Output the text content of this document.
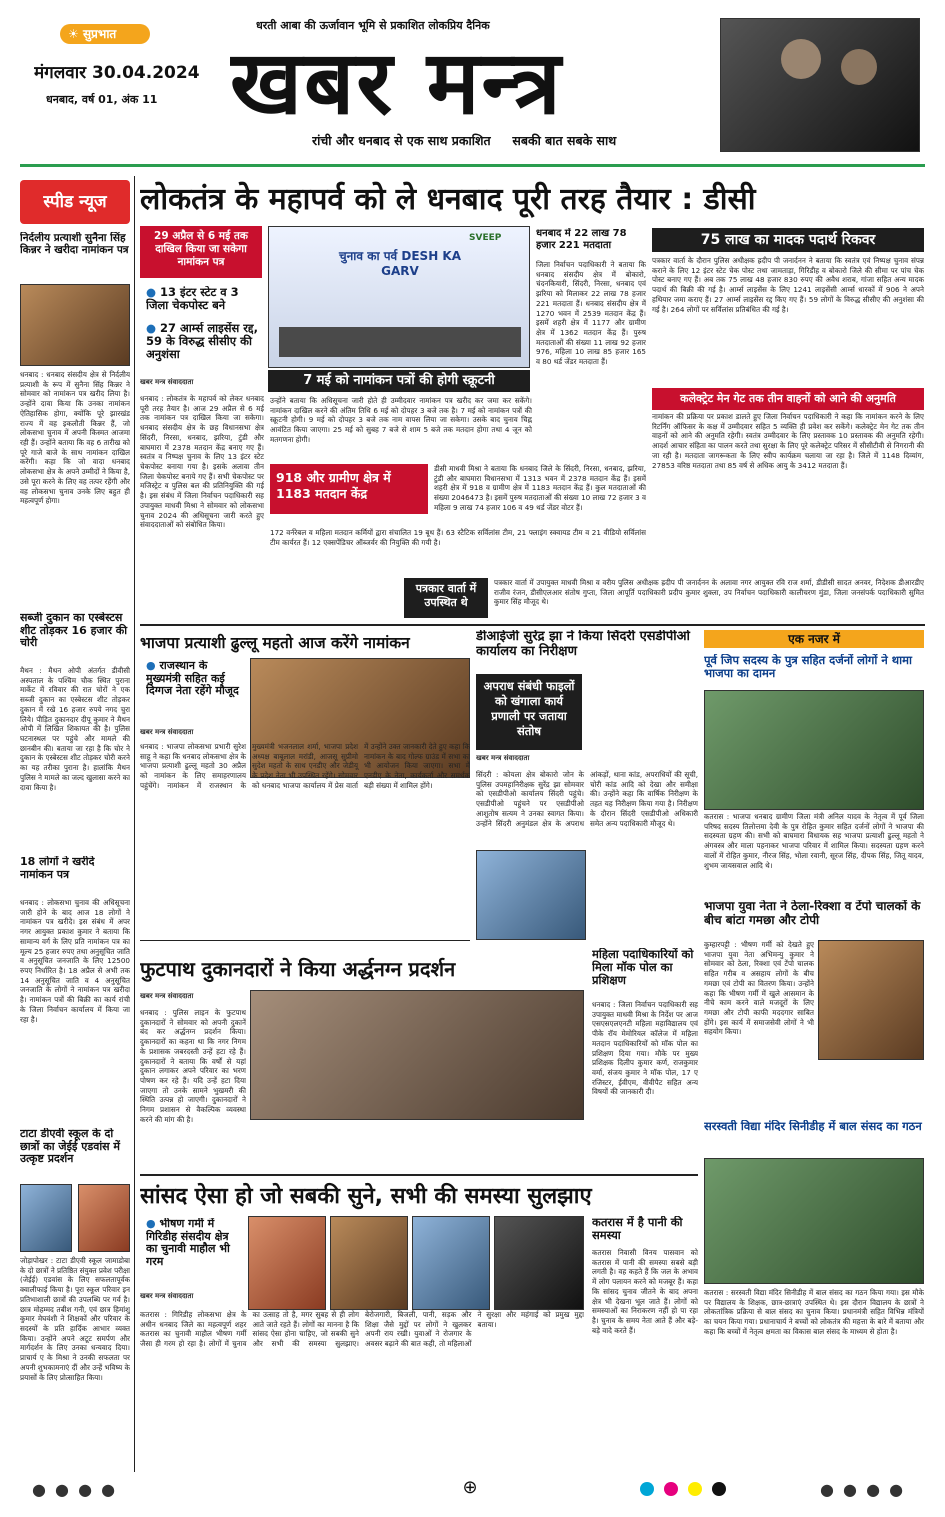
☀ सुप्रभात
मंगलवार 30.04.2024
धनबाद, वर्ष 01, अंक 11
धरती आबा की ऊर्जावान भूमि से प्रकाशित लोकप्रिय दैनिक
खबर मन्त्र
रांची और धनबाद से एक साथ प्रकाशित     सबकी बात सबके साथ
स्पीड न्यूज
निर्दलीय प्रत्याशी सुनैना सिंह किन्नर ने खरीदा नामांकन पत्र
धनबाद : धनबाद संसदीय क्षेत्र से निर्दलीय प्रत्याशी के रूप में सुनैना सिंह किन्नर ने सोमवार को नामांकन पत्र खरीद लिया है। उन्होंने दावा किया कि उनका नामांकन ऐतिहासिक होगा, क्योंकि पूरे झारखंड राज्य में वह इकलौती किन्नर हैं, जो लोकसभा चुनाव में अपनी किस्मत आजमा रही हैं। उन्होंने बताया कि वह 6 तारीख को पूरे गाजे बाजे के साथ नामांकन दाखिल करेंगी। कहा कि जो वादा धनबाद लोकसभा क्षेत्र के अपने उम्मीदों ने किया है, उसे पूरा करने के लिए वह तत्पर रहेंगी और वह लोकसभा चुनाव उनके लिए बहुत ही महत्वपूर्ण होगा।
सब्जी दुकान का एस्बेस्टस शीट तोड़कर 16 हजार की चोरी
मैथन : मैथन ओपी अंतर्गत डीवीसी अस्पताल के पश्चिम चौक स्थित पुराना मार्केट में रविवार की रात चोरों ने एक सब्जी दुकान का एस्बेस्टस शीट तोड़कर दुकान में रखे 16 हजार रुपये नगद चुरा लिये। पीड़ित दुकानदार दीपू कुमार ने मैथन ओपी में लिखित शिकायत की है। पुलिस घटनास्थल पर पहुंचे और मामले की छानबीन की। बताया जा रहा है कि चोर ने दुकान के एस्बेस्टस शीट तोड़कर चोरी करने का यह तरीका पुराना है। हालांकि मैथन पुलिस ने मामले का जल्द खुलासा करने का दावा किया है।
18 लोगों ने खरीदे नामांकन पत्र
धनबाद : लोकसभा चुनाव की अधिसूचना जारी होने के बाद आज 18 लोगों ने नामांकन पत्र खरीदे। इस संबंध में अपर नगर आयुक्त प्रकाश कुमार ने बताया कि सामान्य वर्ग के लिए प्रति नामांकन पत्र का मूल्य 25 हजार रुपए तथा अनुसूचित जाति व अनुसूचित जनजाति के लिए 12500 रुपए निर्धारित है। 18 अप्रैल से अभी तक 14 अनुसूचित जाति व 4 अनुसूचित जनजाति के लोगों ने नामांकन पत्र खरीदा है। नामांकन पत्रों की बिक्री का कार्य रांची के जिला निर्वाचन कार्यालय में किया जा रहा है।
टाटा डीएवी स्कूल के दो छात्रों का जेईई एडवांस में उत्कृष्ट प्रदर्शन
जोड़ापोखर : टाटा डीएवी स्कूल जामाडोबा के दो छात्रों ने प्रतिष्ठित संयुक्त प्रवेश परीक्षा (जेईई) एडवांस के लिए सफलतापूर्वक क्वालीफाई किया है। पूरा स्कूल परिवार इन प्रतिभाशाली छात्रों की उपलब्धि पर गर्व है। छात्र मोहम्मद तबीश गनी, एवं छात्र हिमांशु कुमार मेघवंशी ने शिक्षकों और परिवार के सदस्यों के प्रति हार्दिक आभार व्यक्त किया। उन्होंने अपने अटूट समर्पण और मार्गदर्शन के लिए उनका धन्यवाद दिया। प्राचार्य ए के मिश्रा ने उनकी सफलता पर अपनी शुभकामनाएं दीं और उन्हें भविष्य के प्रयासों के लिए प्रोत्साहित किया।
लोकतंत्र के महापर्व को ले धनबाद पूरी तरह तैयार : डीसी
29 अप्रैल से 6 मई तक दाखिल किया जा सकेगा नामांकन पत्र
● 13 इंटर स्टेट व 3 जिला चेकपोस्ट बने
● 27 आर्म्स लाइसेंस रद्द, 59 के विरुद्ध सीसीए की अनुशंसा
खबर मन्त्र संवाददाता
चुनाव का पर्व DESH KA GARV
SVEEP
7 मई को नामांकन पत्रों की होगी स्क्रूटनी
धनबाद में 22 लाख 78 हजार 221 मतदाता
जिला निर्वाचन पदाधिकारी ने बताया कि धनबाद संसदीय क्षेत्र में बोकारो, चंदनकियारी, सिंदरी, निरसा, धनबाद एवं झरिया को मिलाकर 22 लाख 78 हजार 221 मतदाता हैं। धनबाद संसदीय क्षेत्र में 1270 भवन में 2539 मतदान केंद्र हैं। इसमें शहरी क्षेत्र में 1177 और ग्रामीण क्षेत्र में 1362 मतदान केंद्र हैं। पुरुष मतदाताओं की संख्या 11 लाख 92 हजार 976, महिला 10 लाख 85 हजार 165 व 80 थर्ड जेंडर मतदाता हैं।
धनबाद : लोकतंत्र के महापर्व को लेकर धनबाद पूरी तरह तैयार है। आज 29 अप्रैल से 6 मई तक नामांकन पत्र दाखिल किया जा सकेगा। धनबाद संसदीय क्षेत्र के छह विधानसभा क्षेत्र सिंदरी, निरसा, धनबाद, झरिया, टुंडी और बाघमारा में 2378 मतदान केंद्र बनाए गए हैं। स्वतंत्र व निष्पक्ष चुनाव के लिए 13 इंटर स्टेट चेकपोस्ट बनाया गया है। इसके अलावा तीन जिला चेकपोस्ट बनाये गए हैं। सभी चेकपोस्ट पर मजिस्ट्रेट व पुलिस बल की प्रतिनियुक्ति की गई है। इस संबंध में जिला निर्वाचन पदाधिकारी सह उपायुक्त माधवी मिश्रा ने सोमवार को लोकसभा चुनाव 2024 की अधिसूचना जारी करते हुए संवाददाताओं को संबोधित किया।
उन्होंने बताया कि अधिसूचना जारी होते ही उम्मीदवार नामांकन पत्र खरीद कर जमा कर सकेंगे। नामांकन दाखिल करने की अंतिम तिथि 6 मई को दोपहर 3 बजे तक है। 7 मई को नामांकन पत्रों की स्क्रूटनी होगी। 9 मई को दोपहर 3 बजे तक नाम वापस लिया जा सकेगा। उसके बाद चुनाव चिह्न आवंटित किया जाएगा। 25 मई को सुबह 7 बजे से शाम 5 बजे तक मतदान होगा तथा 4 जून को मतगणना होगी।
918 और ग्रामीण क्षेत्र में 1183 मतदान केंद्र
डीसी माधवी मिश्रा ने बताया कि धनबाद जिले के सिंदरी, निरसा, धनबाद, झरिया, टुंडी और बाघमारा विधानसभा में 1313 भवन में 2378 मतदान केंद्र हैं। इसमें शहरी क्षेत्र में 918 व ग्रामीण क्षेत्र में 1183 मतदान केंद्र हैं। कुल मतदाताओं की संख्या 2046473 है। इसमें पुरुष मतदाताओं की संख्या 10 लाख 72 हजार 3 व महिला 9 लाख 74 हजार 106 व 49 थर्ड जेंडर वोटर हैं।
172 वर्नरेबल व महिला मतदान कर्मियों द्वारा संचालित 19 बूथ हैं। 63 स्टैटिक सर्विलांस टीम, 21 फ्लाइंग स्क्वायड टीम व 21 वीडियो सर्विलांस टीम कार्यरत हैं। 12 एक्सपेंडिचर ऑब्जर्वर की नियुक्ति की गयी है।
पत्रकार वार्ता में उपस्थित थे
पत्रकार वार्ता में उपायुक्त माधवी मिश्रा व वरीय पुलिस अधीक्षक ह्रदीप पी जनार्दनन के अलावा नगर आयुक्त रवि राज शर्मा, डीडीसी सादत अनवर, निदेशक डीआरडीए राजीव रंजन, डीसीएलआर संतोष गुप्ता, जिला आपूर्ति पदाधिकारी प्रदीप कुमार शुक्ला, उप निर्वाचन पदाधिकारी कालीचरण मुंडा, जिला जनसंपर्क पदाधिकारी सुमित कुमार सिंह मौजूद थे।
75 लाख का मादक पदार्थ रिकवर
पत्रकार वार्ता के दौरान पुलिस अधीक्षक ह्रदीप पी जनार्दनन ने बताया कि स्वतंत्र एवं निष्पक्ष चुनाव संपन्न कराने के लिए 12 इंटर स्टेट चेक पोस्ट तथा जामताड़ा, गिरिडीह व बोकारो जिले की सीमा पर पांच चेक पोस्ट बनाए गए हैं। अब तक 75 लाख 48 हजार 830 रुपए की अवैध शराब, गांजा सहित अन्य मादक पदार्थ की बिक्री की गई है। आर्म्स लाइसेंस के लिए 1241 लाइसेंसी आर्म्स धारकों में 906 ने अपने हथियार जमा कराए हैं। 27 आर्म्स लाइसेंस रद्द किए गए हैं। 59 लोगों के विरुद्ध सीसीए की अनुशंसा की गई है। 264 लोगों पर सर्विलांस प्रतिबंधित की गई है।
कलेक्ट्रेट मेन गेट तक तीन वाहनों को आने की अनुमति
नामांकन की प्रक्रिया पर प्रकाश डालते हुए जिला निर्वाचन पदाधिकारी ने कहा कि नामांकन करने के लिए रिटर्निंग ऑफिसर के कक्ष में उम्मीदवार सहित 5 व्यक्ति ही प्रवेश कर सकेंगे। कलेक्ट्रेट मेन गेट तक तीन वाहनों को आने की अनुमति रहेगी। स्वतंत्र उम्मीदवार के लिए प्रस्तावक 10 प्रस्तावक की अनुमति रहेगी। आदर्श आचार संहिता का पालन करते तथा सुरक्षा के लिए पूरे कलेक्ट्रेट परिसर में सीसीटीवी से निगरानी की जा रही है। मतदाता जागरूकता के लिए स्वीप कार्यक्रम चलाया जा रहा है। जिले में 1148 दिव्यांग, 27853 वरिष्ठ मतदाता तथा 85 वर्ष से अधिक आयु के 3412 मतदाता हैं।
भाजपा प्रत्याशी ढुल्लू महतो आज करेंगे नामांकन
● राजस्थान के मुख्यमंत्री सहित कई दिग्गज नेता रहेंगे मौजूद
खबर मन्त्र संवाददाता
धनबाद : भाजपा लोकसभा प्रभारी सुरेश साहू ने कहा कि धनबाद लोकसभा क्षेत्र के भाजपा प्रत्याशी ढुल्लू महतो 30 अप्रैल को नामांकन के लिए समाहरणालय पहुंचेंगे। नामांकन में राजस्थान के मुख्यमंत्री भजनलाल शर्मा, भाजपा प्रदेश अध्यक्ष बाबूलाल मरांडी, आजसू सुप्रीमो सुदेश महतो के साथ एनडीए और जेडीयू के प्रदेश नेता भी उपस्थित रहेंगे। सोमवार को धनबाद भाजपा कार्यालय में प्रेस वार्ता में उन्होंने उक्त जानकारी देते हुए कहा कि नामांकन के बाद गोल्फ ग्राउंड में सभा का भी आयोजन किया जाएगा। सभा में एनडीए के नेता, कार्यकर्ता और समर्थक बड़ी संख्या में शामिल होंगे।
डीआईजी सुरेंद्र झा ने किया सिंदरी एसडीपीओ कार्यालय का निरीक्षण
अपराध संबंधी फाइलों को खंगाला कार्य प्रणाली पर जताया संतोष
खबर मन्त्र संवाददाता
सिंदरी : कोयला क्षेत्र बोकारो जोन के पुलिस उपमहानिरीक्षक सुरेंद्र झा सोमवार को एसडीपीओ कार्यालय सिंदरी पहुंचे। एसडीपीओ पहुंचने पर एसडीपीओ आशुतोष सत्यम ने उनका स्वागत किया। उन्होंने सिंदरी अनुमंडल क्षेत्र के अपराध आंकड़ों, थाना कांड, अपराधियों की सूची, चोरी कांड आदि को देखा और समीक्षा की। उन्होंने कहा कि वार्षिक निरीक्षण के तहत यह निरीक्षण किया गया है। निरीक्षण के दौरान सिंदरी एसडीपीओ अधिकारी समेत अन्य पदाधिकारी मौजूद थे।
एक नजर में
पूर्व जिप सदस्य के पुत्र सहित दर्जनों लोगों ने थामा भाजपा का दामन
कतरास : भाजपा धनबाद ग्रामीण जिला मंत्री अनिल यादव के नेतृत्व में पूर्व जिला परिषद सदस्य तिलोत्तमा देवी के पुत्र रोहित कुमार सहित दर्जनों लोगों ने भाजपा की सदस्यता ग्रहण की। सभी को बाघमारा विधायक सह भाजपा प्रत्याशी ढुल्लू महतो ने अंगवस्त्र और माला पहनाकर भाजपा परिवार में शामिल किया। सदस्यता ग्रहण करने वालों में रोहित कुमार, नीरज सिंह, भोला रवानी, सूरज सिंह, दीपक सिंह, जितू यादव, शुभम जायसवाल आदि थे।
भाजपा युवा नेता ने ठेला-रिक्शा व टेंपो चालकों के बीच बांटा गमछा और टोपी
कुम्हारपट्टी : भीषण गर्मी को देखते हुए भाजपा युवा नेता अभिमन्यु कुमार ने सोमवार को ठेला, रिक्शा एवं टेंपो चालक सहित गरीब व असहाय लोगों के बीच गमछा एवं टोपी का वितरण किया। उन्होंने कहा कि भीषण गर्मी में खुले आसमान के नीचे काम करने वाले मजदूरों के लिए गमछा और टोपी काफी मददगार साबित होंगे। इस कार्य में समाजसेवी लोगों ने भी सहयोग किया।
सरस्वती विद्या मंदिर सिनीडीह में बाल संसद का गठन
कतरास : सरस्वती विद्या मंदिर सिनीडीह में बाल संसद का गठन किया गया। इस मौके पर विद्यालय के शिक्षक, छात्र-छात्राएं उपस्थित थे। इस दौरान विद्यालय के छात्रों ने लोकतांत्रिक प्रक्रिया से बाल संसद का चुनाव किया। प्रधानमंत्री सहित विभिन्न मंत्रियों का चयन किया गया। प्रधानाचार्य ने बच्चों को लोकतंत्र की महत्ता के बारे में बताया और कहा कि बच्चों में नेतृत्व क्षमता का विकास बाल संसद के माध्यम से होता है।
फुटपाथ दुकानदारों ने किया अर्द्धनग्न प्रदर्शन
खबर मन्त्र संवाददाता
धनबाद : पुलिस लाइन के फुटपाथ दुकानदारों ने सोमवार को अपनी दुकानें बंद कर अर्द्धनग्न प्रदर्शन किया। दुकानदारों का कहना था कि नगर निगम के प्रशासक जबरदस्ती उन्हें हटा रहे हैं। दुकानदारों ने बताया कि वर्षों से यहां दुकान लगाकर अपने परिवार का भरण पोषण कर रहे हैं। यदि उन्हें हटा दिया जाएगा तो उनके सामने भुखमरी की स्थिति उत्पन्न हो जाएगी। दुकानदारों ने निगम प्रशासन से वैकल्पिक व्यवस्था करने की मांग की है।
महिला पदाधिकारियों को मिला मॉक पोल का प्रशिक्षण
धनबाद : जिला निर्वाचन पदाधिकारी सह उपायुक्त माधवी मिश्रा के निर्देश पर आज एसएसएलएनटी महिला महाविद्यालय एवं पीके रॉय मेमोरियल कॉलेज में महिला मतदान पदाधिकारियों को मॉक पोल का प्रशिक्षण दिया गया। मौके पर मुख्य प्रशिक्षक दिलीप कुमार कर्ण, राजकुमार वर्मा, संजय कुमार ने मॉक पोल, 17 ए रजिस्टर, ईवीएम, वीवीपैट सहित अन्य विषयों की जानकारी दी।
सांसद ऐसा हो जो सबकी सुने, सभी की समस्या सुलझाए
● भीषण गर्मी में गिरिडीह संसदीय क्षेत्र का चुनावी माहौल भी गरम
खबर मन्त्र संवाददाता
कतरास : गिरिडीह लोकसभा क्षेत्र के अधीन धनबाद जिले का महत्वपूर्ण शहर कतरास का चुनावी माहौल भीषण गर्मी जैसा ही गरम हो रहा है। लोगों में चुनाव का उत्साह तो है, मगर सुबह से ही लोग आते जाते रहते हैं। लोगों का मानना है कि सांसद ऐसा होना चाहिए, जो सबकी सुने और सभी की समस्या सुलझाए। बेरोजगारी, बिजली, पानी, सड़क और शिक्षा जैसे मुद्दों पर लोगों ने खुलकर अपनी राय रखी। युवाओं ने रोजगार के अवसर बढ़ाने की बात कही, तो महिलाओं ने सुरक्षा और महंगाई को प्रमुख मुद्दा बताया।
कतरास में है पानी की समस्या
कतरास निवासी विनय पासवान को कतरास में पानी की समस्या सबसे बड़ी लगती है। वह कहते हैं कि जल के अभाव में लोग पलायन करने को मजबूर हैं। कहा कि सांसद चुनाव जीतने के बाद अपना क्षेत्र भी देखना भूल जाते हैं। लोगों को समस्याओं का निराकरण नहीं हो पा रहा है। चुनाव के समय नेता आते हैं और बड़े-बड़े वादे करते हैं।
● ● ● ●	⊕	● ● ● ●
